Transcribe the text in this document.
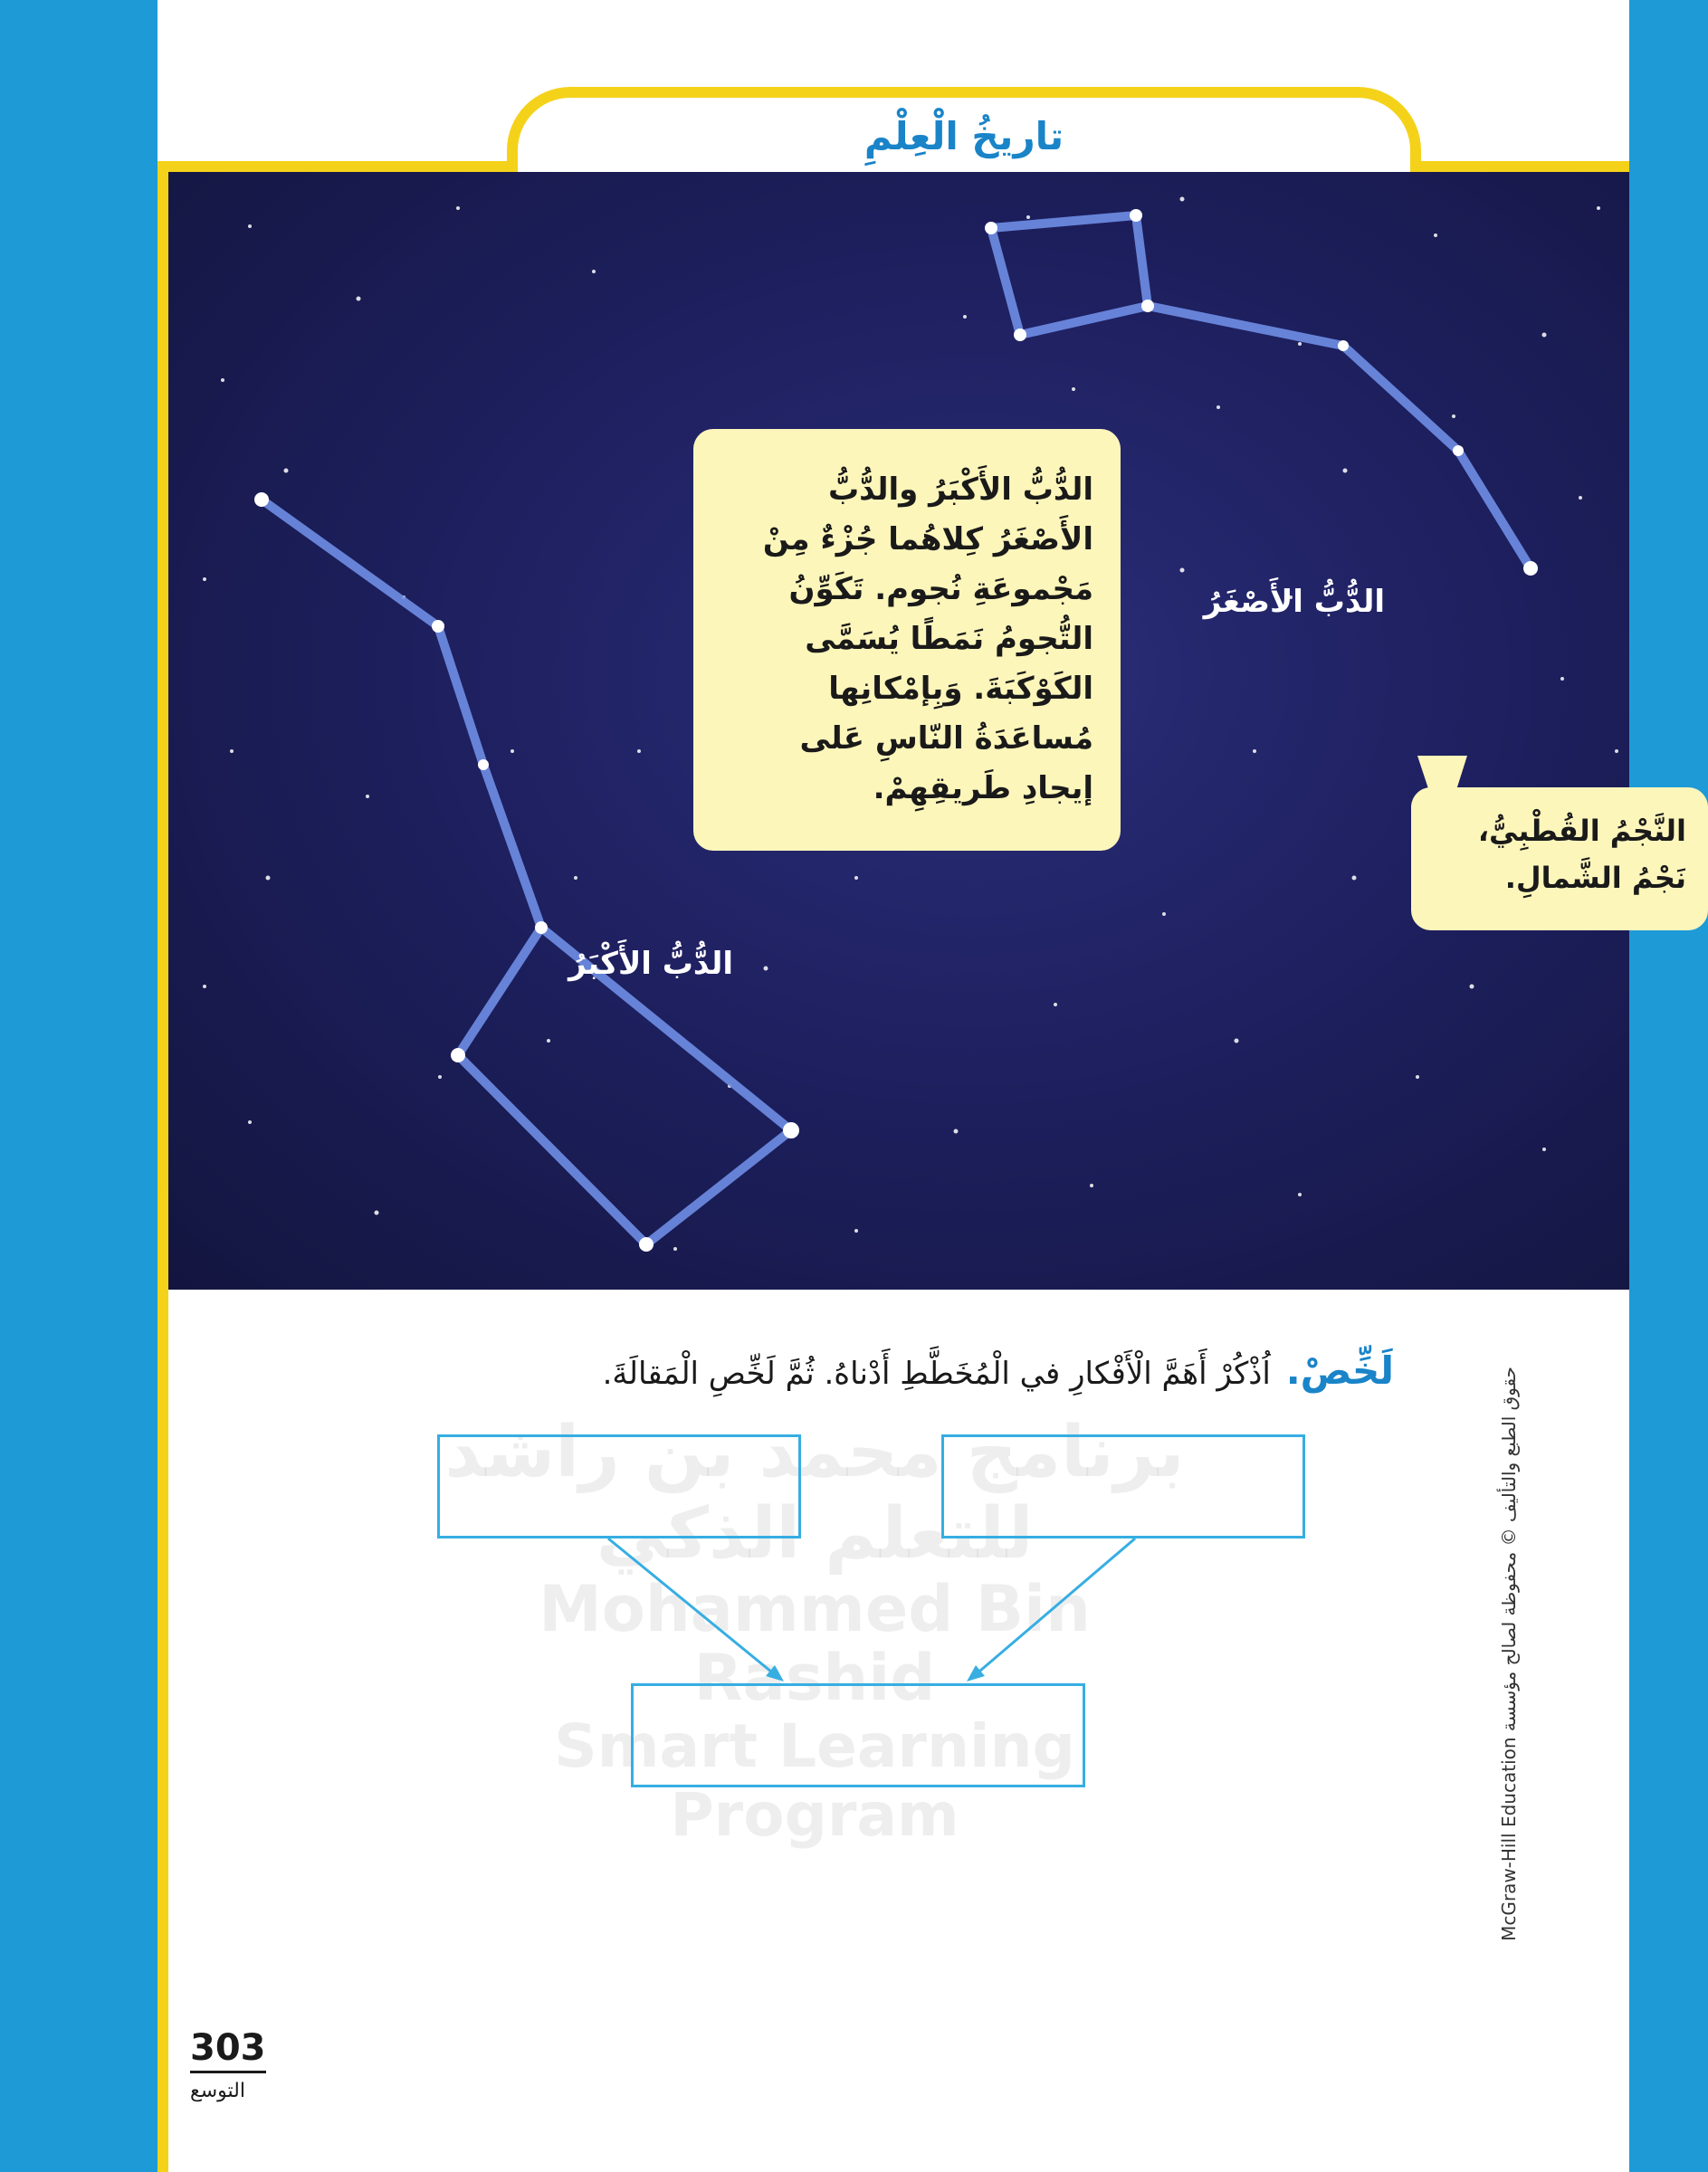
تاريخُ الْعِلْمِ
الدُّبُّ الأَكْبَرُ والدُّبُّ
الأَصْغَرُ كِلاهُما جُزْءٌ مِنْ
مَجْموعَةِ نُجوم. تَكَوِّنُ
التُّجومُ نَمَطًا يُسَمَّى
الكَوْكَبَةَ. وَبِإمْكانِها
مُساعَدَةُ النّاسِ عَلى
إيجادِ طَريقِهِمْ.
الدُّبُّ الأَصْغَرُ
الدُّبُّ الأَكْبَرُ
النَّجْمُ القُطْبِيُّ،
نَجْمُ الشَّمالِ.
لَخِّصْ. اُذْكُرْ أَهَمَّ الْأَفْكارِ في الْمُخَطَّطِ أَدْناهُ. ثُمَّ لَخِّصِ الْمَقالَةَ.
حقوق الطبع والتأليف © محفوظة لصالح مؤسسة McGraw-Hill Education
303
التوسع
